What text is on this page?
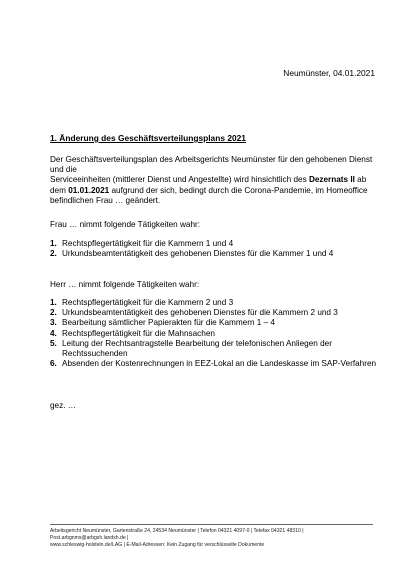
Neumünster, 04.01.2021
1. Änderung des Geschäftsverteilungsplans 2021
Der Geschäftsverteilungsplan des Arbeitsgerichts Neumünster für den gehobenen Dienst und die
Serviceeinheiten (mittlerer Dienst und Angestellte) wird hinsichtlich des Dezernats II ab dem 01.01.2021 aufgrund der sich, bedingt durch die Corona-Pandemie, im Homeoffice befindlichen Frau … geändert.
Frau … nimmt folgende Tätigkeiten wahr:
1. Rechtspflegertätigkeit für die Kammern 1 und 4
2. Urkundsbeamtentätigkeit des gehobenen Dienstes für die Kammer 1 und 4
Herr … nimmt folgende Tätigkeiten wahr:
1. Rechtspflegertätigkeit für die Kammern 2 und 3
2. Urkundsbeamtentätigkeit des gehobenen Dienstes für die Kammern 2 und 3
3. Bearbeitung sämtlicher Papierakten für die Kammern 1 – 4
4. Rechtspflegertätigkeit für die Mahnsachen
5. Leitung der Rechtsantragstelle Bearbeitung der telefonischen Anliegen der Rechtssuchenden
6. Absenden der Kostenrechnungen in EEZ-Lokal an die Landeskasse im SAP-Verfahren
gez. …
Arbeitsgericht Neumünster, Gartenstraße 24, 24534 Neumünster | Telefon 04321 4097-0 | Telefax 04321 48310 |
Post.arbgnms@arbgsh.landsh.de |
www.schleswig-holstein.de/LAG | E-Mail-Adressen: Kein Zugang für verschlüsselte Dokumente
